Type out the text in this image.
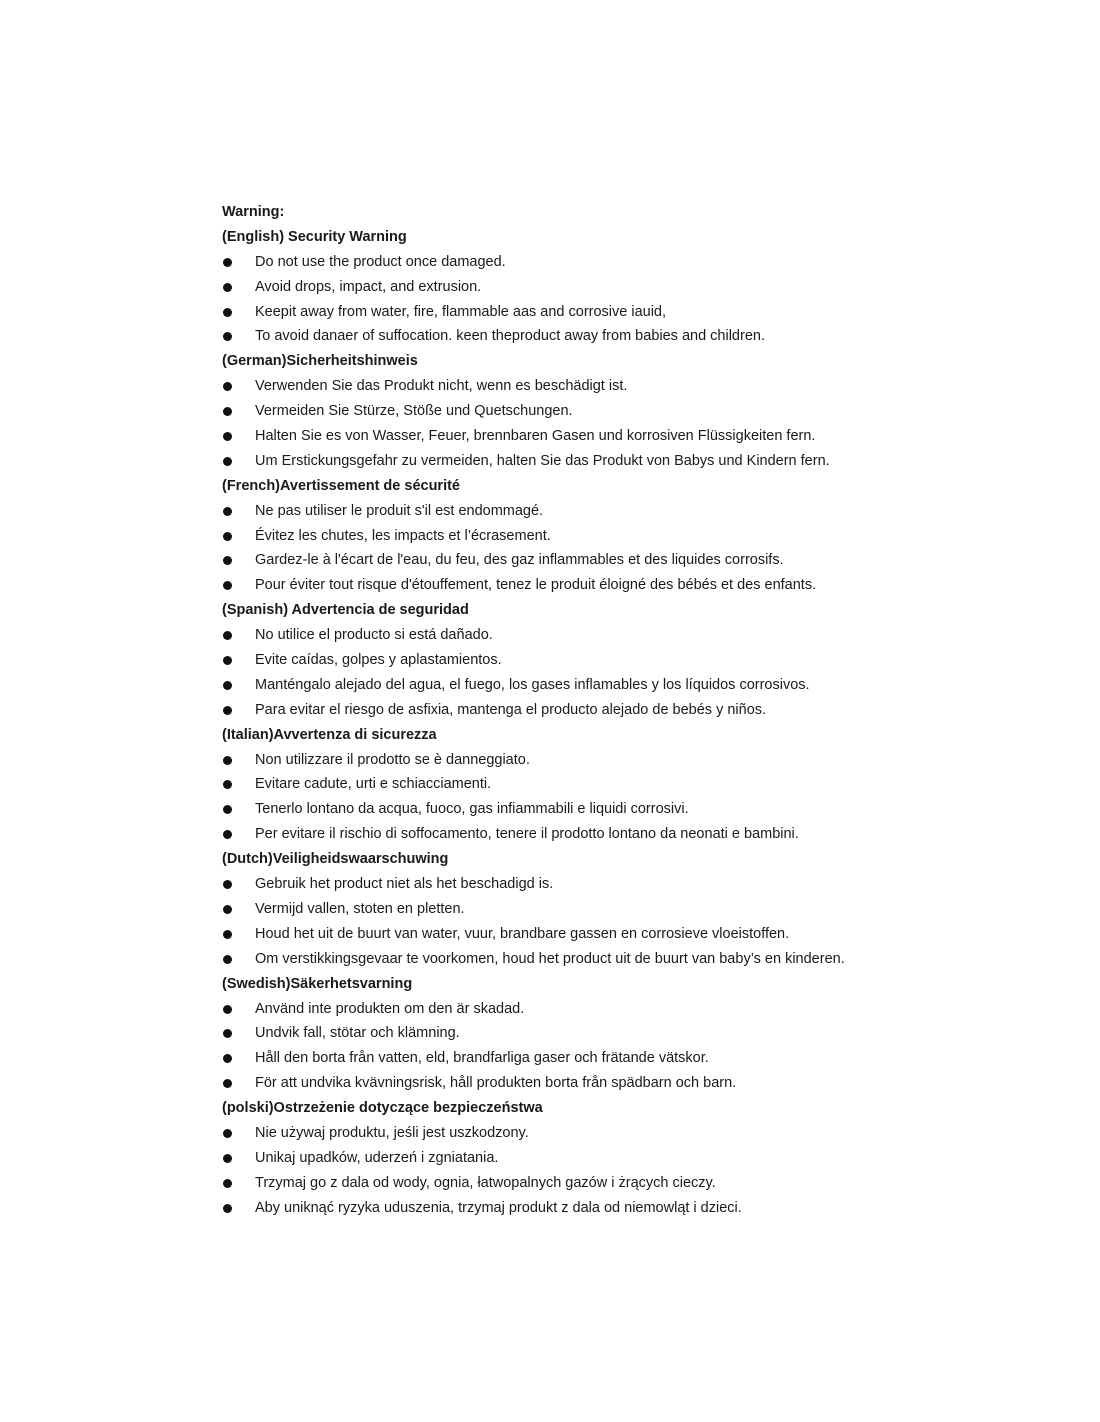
Warning:
(English) Security Warning
Do not use the product once damaged.
Avoid drops, impact, and extrusion.
Keepit away from water, fire, flammable aas and corrosive iauid,
To avoid danaer of suffocation. keen theproduct away from babies and children.
(German)Sicherheitshinweis
Verwenden Sie das Produkt nicht, wenn es beschädigt ist.
Vermeiden Sie Stürze, Stöße und Quetschungen.
Halten Sie es von Wasser, Feuer, brennbaren Gasen und korrosiven Flüssigkeiten fern.
Um Erstickungsgefahr zu vermeiden, halten Sie das Produkt von Babys und Kindern fern.
(French)Avertissement de sécurité
Ne pas utiliser le produit s'il est endommagé.
Évitez les chutes, les impacts et l’écrasement.
Gardez-le à l'écart de l'eau, du feu, des gaz inflammables et des liquides corrosifs.
Pour éviter tout risque d'étouffement, tenez le produit éloigné des bébés et des enfants.
(Spanish) Advertencia de seguridad
No utilice el producto si está dañado.
Evite caídas, golpes y aplastamientos.
Manténgalo alejado del agua, el fuego, los gases inflamables y los líquidos corrosivos.
Para evitar el riesgo de asfixia, mantenga el producto alejado de bebés y niños.
(Italian)Avvertenza di sicurezza
Non utilizzare il prodotto se è danneggiato.
Evitare cadute, urti e schiacciamenti.
Tenerlo lontano da acqua, fuoco, gas infiammabili e liquidi corrosivi.
Per evitare il rischio di soffocamento, tenere il prodotto lontano da neonati e bambini.
(Dutch)Veiligheidswaarschuwing
Gebruik het product niet als het beschadigd is.
Vermijd vallen, stoten en pletten.
Houd het uit de buurt van water, vuur, brandbare gassen en corrosieve vloeistoffen.
Om verstikkingsgevaar te voorkomen, houd het product uit de buurt van baby’s en kinderen.
(Swedish)Säkerhetsvarning
Använd inte produkten om den är skadad.
Undvik fall, stötar och klämning.
Håll den borta från vatten, eld, brandfarliga gaser och frätande vätskor.
För att undvika kvävningsrisk, håll produkten borta från spädbarn och barn.
(polski)Ostrzeżenie dotyczące bezpieczeństwa
Nie używaj produktu, jeśli jest uszkodzony.
Unikaj upadków, uderzeń i zgniatania.
Trzymaj go z dala od wody, ognia, łatwopalnych gazów i żrących cieczy.
Aby uniknąć ryzyka uduszenia, trzymaj produkt z dala od niemowląt i dzieci.
